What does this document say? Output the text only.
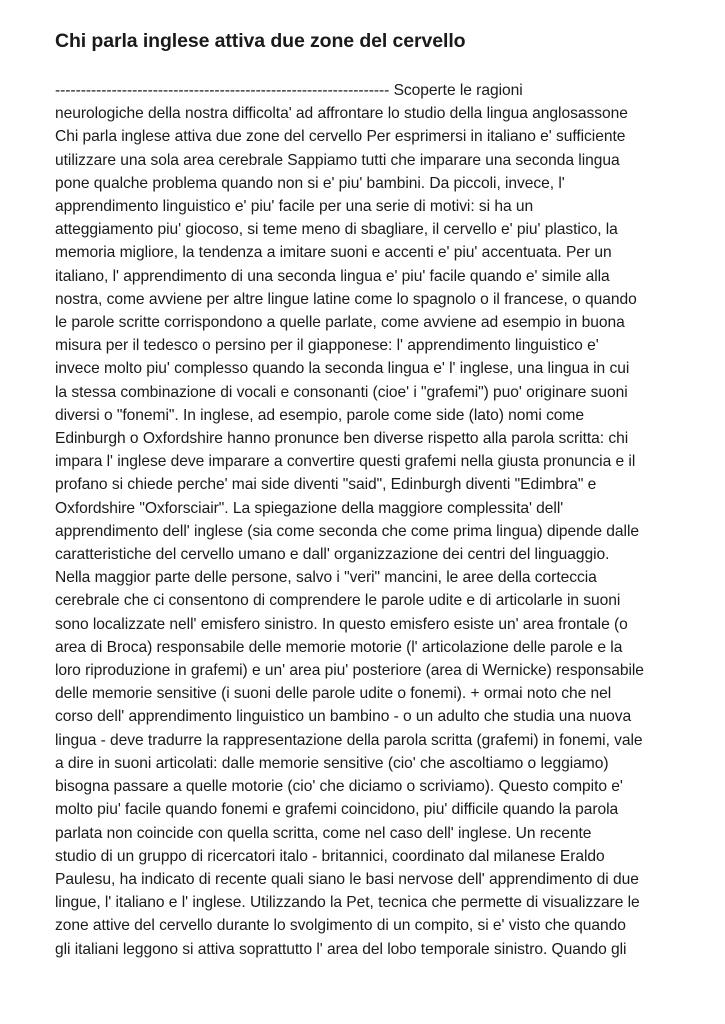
Chi parla inglese attiva due zone del cervello
----------------------------------------------------------------- Scoperte le ragioni
neurologiche della nostra difficolta' ad affrontare lo studio della lingua anglosassone
Chi parla inglese attiva due zone del cervello Per esprimersi in italiano e' sufficiente
utilizzare una sola area cerebrale Sappiamo tutti che imparare una seconda lingua
pone qualche problema quando non si e' piu' bambini. Da piccoli, invece, l'
apprendimento linguistico e' piu' facile per una serie di motivi: si ha un
atteggiamento piu' giocoso, si teme meno di sbagliare, il cervello e' piu' plastico, la
memoria migliore, la tendenza a imitare suoni e accenti e' piu' accentuata. Per un
italiano, l' apprendimento di una seconda lingua e' piu' facile quando e' simile alla
nostra, come avviene per altre lingue latine come lo spagnolo o il francese, o quando
le parole scritte corrispondono a quelle parlate, come avviene ad esempio in buona
misura per il tedesco o persino per il giapponese: l' apprendimento linguistico e'
invece molto piu' complesso quando la seconda lingua e' l' inglese, una lingua in cui
la stessa combinazione di vocali e consonanti (cioe' i "grafemi") puo' originare suoni
diversi o "fonemi". In inglese, ad esempio, parole come side (lato) nomi come
Edinburgh o Oxfordshire hanno pronunce ben diverse rispetto alla parola scritta: chi
impara l' inglese deve imparare a convertire questi grafemi nella giusta pronuncia e il
profano si chiede perche' mai side diventi "said", Edinburgh diventi "Edimbra" e
Oxfordshire "Oxforsciair". La spiegazione della maggiore complessita' dell'
apprendimento dell' inglese (sia come seconda che come prima lingua) dipende dalle
caratteristiche del cervello umano e dall' organizzazione dei centri del linguaggio.
Nella maggior parte delle persone, salvo i "veri" mancini, le aree della corteccia
cerebrale che ci consentono di comprendere le parole udite e di articolarle in suoni
sono localizzate nell' emisfero sinistro. In questo emisfero esiste un' area frontale (o
area di Broca) responsabile delle memorie motorie (l' articolazione delle parole e la
loro riproduzione in grafemi) e un' area piu' posteriore (area di Wernicke) responsabile
delle memorie sensitive (i suoni delle parole udite o fonemi). + ormai noto che nel
corso dell' apprendimento linguistico un bambino - o un adulto che studia una nuova
lingua - deve tradurre la rappresentazione della parola scritta (grafemi) in fonemi, vale
a dire in suoni articolati: dalle memorie sensitive (cio' che ascoltiamo o leggiamo)
bisogna passare a quelle motorie (cio' che diciamo o scriviamo). Questo compito e'
molto piu' facile quando fonemi e grafemi coincidono, piu' difficile quando la parola
parlata non coincide con quella scritta, come nel caso dell' inglese. Un recente
studio di un gruppo di ricercatori italo - britannici, coordinato dal milanese Eraldo
Paulesu, ha indicato di recente quali siano le basi nervose dell' apprendimento di due
lingue, l' italiano e l' inglese. Utilizzando la Pet, tecnica che permette di visualizzare le
zone attive del cervello durante lo svolgimento di un compito, si e' visto che quando
gli italiani leggono si attiva soprattutto l' area del lobo temporale sinistro. Quando gli
